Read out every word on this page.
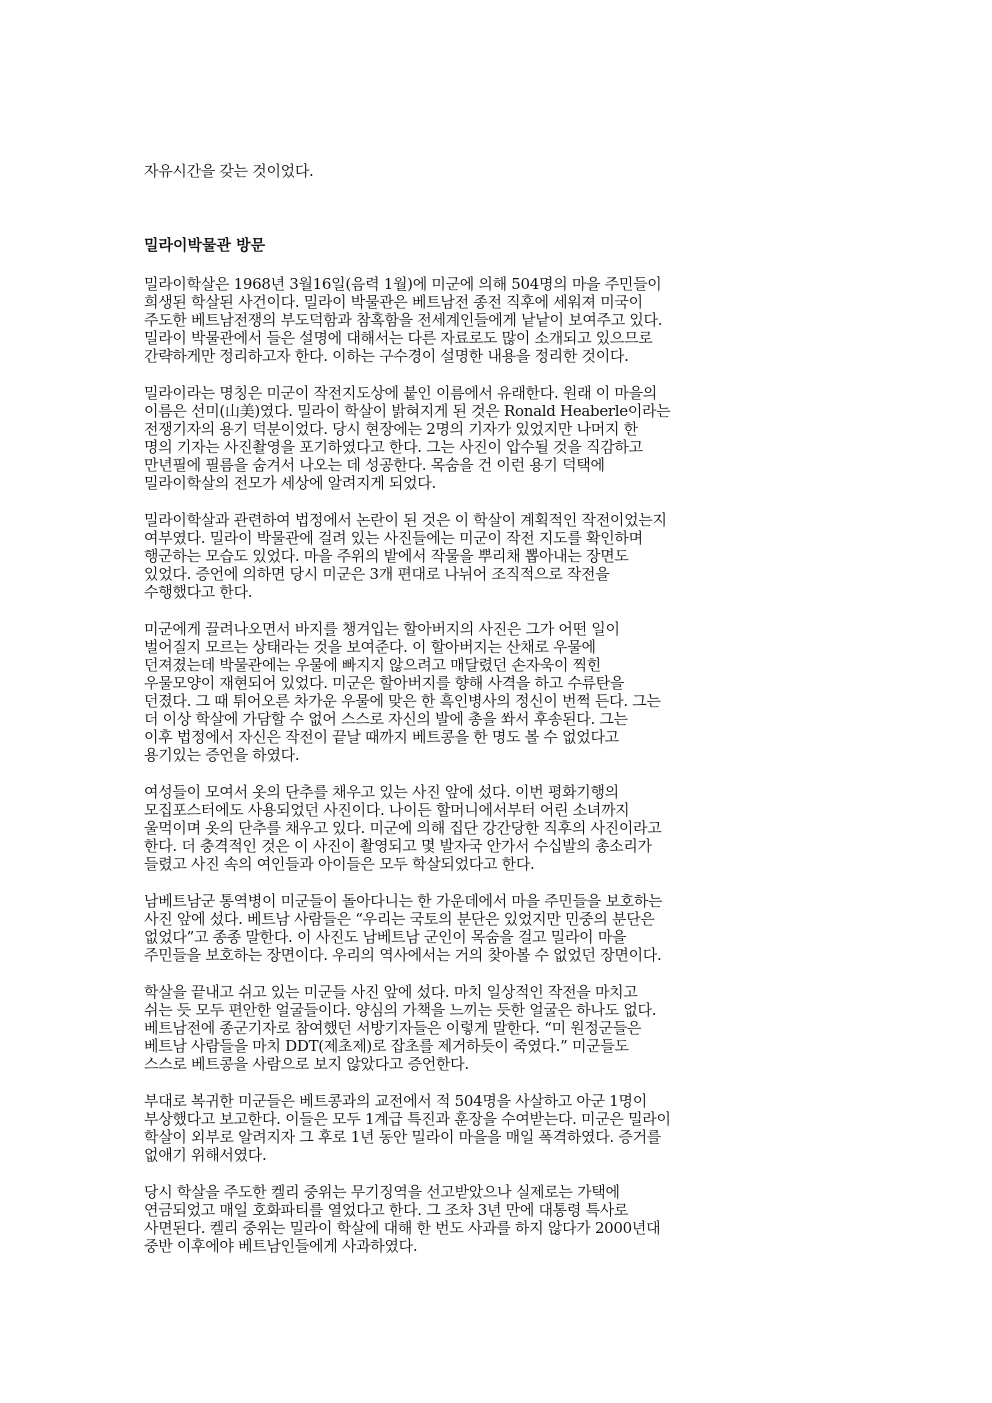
자유시간을 갖는 것이었다.
밀라이박물관 방문
밀라이학살은 1968년 3월16일(음력 1월)에 미군에 의해 504명의 마을 주민들이
희생된 학살된 사건이다. 밀라이 박물관은 베트남전 종전 직후에 세워져 미국이
주도한 베트남전쟁의 부도덕함과 참혹함을 전세계인들에게 낱낱이 보여주고 있다.
밀라이 박물관에서 들은 설명에 대해서는 다른 자료로도 많이 소개되고 있으므로
간략하게만 정리하고자 한다. 이하는 구수경이 설명한 내용을 정리한 것이다.
밀라이라는 명칭은 미군이 작전지도상에 붙인 이름에서 유래한다. 원래 이 마을의
이름은 선미(山美)였다. 밀라이 학살이 밝혀지게 된 것은 Ronald Heaberle이라는
전쟁기자의 용기 덕분이었다. 당시 현장에는 2명의 기자가 있었지만 나머지 한
명의 기자는 사진촬영을 포기하였다고 한다. 그는 사진이 압수될 것을 직감하고
만년필에 필름을 숨겨서 나오는 데 성공한다. 목숨을 건 이런 용기 덕택에
밀라이학살의 전모가 세상에 알려지게 되었다.
밀라이학살과 관련하여 법정에서 논란이 된 것은 이 학살이 계획적인 작전이었는지
여부였다. 밀라이 박물관에 걸려 있는 사진들에는 미군이 작전 지도를 확인하며
행군하는 모습도 있었다. 마을 주위의 밭에서 작물을 뿌리채 뽑아내는 장면도
있었다. 증언에 의하면 당시 미군은 3개 편대로 나뉘어 조직적으로 작전을
수행했다고 한다.
미군에게 끌려나오면서 바지를 챙겨입는 할아버지의 사진은 그가 어떤 일이
벌어질지 모르는 상태라는 것을 보여준다. 이 할아버지는 산채로 우물에
던져졌는데 박물관에는 우물에 빠지지 않으려고 매달렸던 손자욱이 찍힌
우물모양이 재현되어 있었다. 미군은 할아버지를 향해 사격을 하고 수류탄을
던졌다. 그 때 튀어오른 차가운 우물에 맞은 한 흑인병사의 정신이 번쩍 든다. 그는
더 이상 학살에 가담할 수 없어 스스로 자신의 발에 총을 쏴서 후송된다. 그는
이후 법정에서 자신은 작전이 끝날 때까지 베트콩을 한 명도 볼 수 없었다고
용기있는 증언을 하였다.
여성들이 모여서 옷의 단추를 채우고 있는 사진 앞에 섰다. 이번 평화기행의
모집포스터에도 사용되었던 사진이다. 나이든 할머니에서부터 어린 소녀까지
울먹이며 옷의 단추를 채우고 있다. 미군에 의해 집단 강간당한 직후의 사진이라고
한다. 더 충격적인 것은 이 사진이 촬영되고 몇 발자국 안가서 수십발의 총소리가
들렸고 사진 속의 여인들과 아이들은 모두 학살되었다고 한다.
남베트남군 통역병이 미군들이 돌아다니는 한 가운데에서 마을 주민들을 보호하는
사진 앞에 섰다. 베트남 사람들은 “우리는 국토의 분단은 있었지만 민중의 분단은
없었다”고 종종 말한다. 이 사진도 남베트남 군인이 목숨을 걸고 밀라이 마을
주민들을 보호하는 장면이다. 우리의 역사에서는 거의 찾아볼 수 없었던 장면이다.
학살을 끝내고 쉬고 있는 미군들 사진 앞에 섰다. 마치 일상적인 작전을 마치고
쉬는 듯 모두 편안한 얼굴들이다. 양심의 가책을 느끼는 듯한 얼굴은 하나도 없다.
베트남전에 종군기자로 참여했던 서방기자들은 이렇게 말한다. “미 원정군들은
베트남 사람들을 마치 DDT(제초제)로 잡초를 제거하듯이 죽였다.” 미군들도
스스로 베트콩을 사람으로 보지 않았다고 증언한다.
부대로 복귀한 미군들은 베트콩과의 교전에서 적 504명을 사살하고 아군 1명이
부상했다고 보고한다. 이들은 모두 1계급 특진과 훈장을 수여받는다. 미군은 밀라이
학살이 외부로 알려지자 그 후로 1년 동안 밀라이 마을을 매일 폭격하였다. 증거를
없애기 위해서였다.
당시 학살을 주도한 켈리 중위는 무기징역을 선고받았으나 실제로는 가택에
연금되었고 매일 호화파티를 열었다고 한다. 그 조차 3년 만에 대통령 특사로
사면된다. 켈리 중위는 밀라이 학살에 대해 한 번도 사과를 하지 않다가 2000년대
중반 이후에야 베트남인들에게 사과하였다.
